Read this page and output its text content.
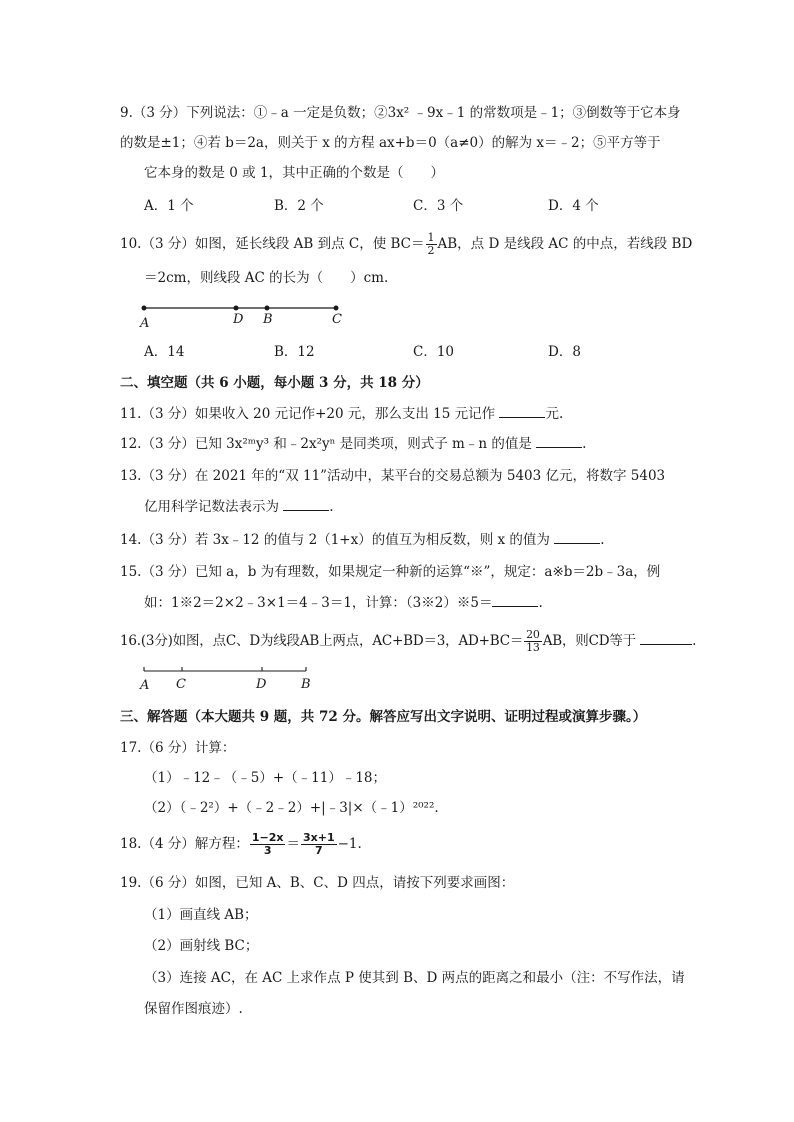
9.（3 分）下列说法：①﹣a 一定是负数；②3x² ﹣9x﹣1 的常数项是﹣1；③倒数等于它本身
的数是±1；④若 b＝2a，则关于 x 的方程 ax+b＝0（a≠0）的解为 x＝﹣2；⑤平方等于
它本身的数是 0 或 1，其中正确的个数是（　　）
A．1 个	B．2 个	C．3 个	D．4 个
10.（3 分）如图，延长线段 AB 到点 C，使 $BC= \frac{1}{2}$ AB，点 D 是线段 AC 的中点，若线段 BD
＝2cm，则线段 AC 的长为（　　）cm.
A	D B	C
A．14	B．12	C．10	D．8
二、填空题（共 6 小题，每小题 3 分，共 18 分）
11.（3 分）如果收入 20 元记作+20 元，那么支出 15 元记作	元.
12.（3 分）已知 3x²ᵐy³ 和﹣2x²yⁿ 是同类项，则式子 m﹣n 的值是	.
13.（3 分）在 2021 年的“双 11”活动中，某平台的交易总额为 5403 亿元，将数字 5403
亿用科学记数法表示为	.
14.（3 分）若 3x﹣12 的值与 2（1+x）的值互为相反数，则 x 的值为	.
15.（3 分）已知 a，b 为有理数，如果规定一种新的运算“※”，规定：a※b＝2b﹣3a，例
如：1※2＝2×2﹣3×1＝4﹣3＝1，计算：（3※2）※5＝	.
16.(3分)如图，点C、D为线段AB上两点，AC+BD＝3，$AD+BC= \frac{20}{13}$ AB，则CD等于	.
A C	D	B
三、解答题（本大题共 9 题，共 72 分。解答应写出文字说明、证明过程或演算步骤。）
17.（6 分）计算：
（1）﹣12﹣（﹣5）+（﹣11）﹣18；
（2）（﹣2²）+（﹣2﹣2）+|﹣3|×（﹣1）²⁰²².
18.（4 分）解方程： $\frac{1-2x}{3} = \frac{3x+1}{7} -1$.
19.（6 分）如图，已知 A、B、C、D 四点，请按下列要求画图：
（1）画直线 AB；
（2）画射线 BC；
（3）连接 AC，在 AC 上求作点 P 使其到 B、D 两点的距离之和最小（注：不写作法，请
保留作图痕迹）.
